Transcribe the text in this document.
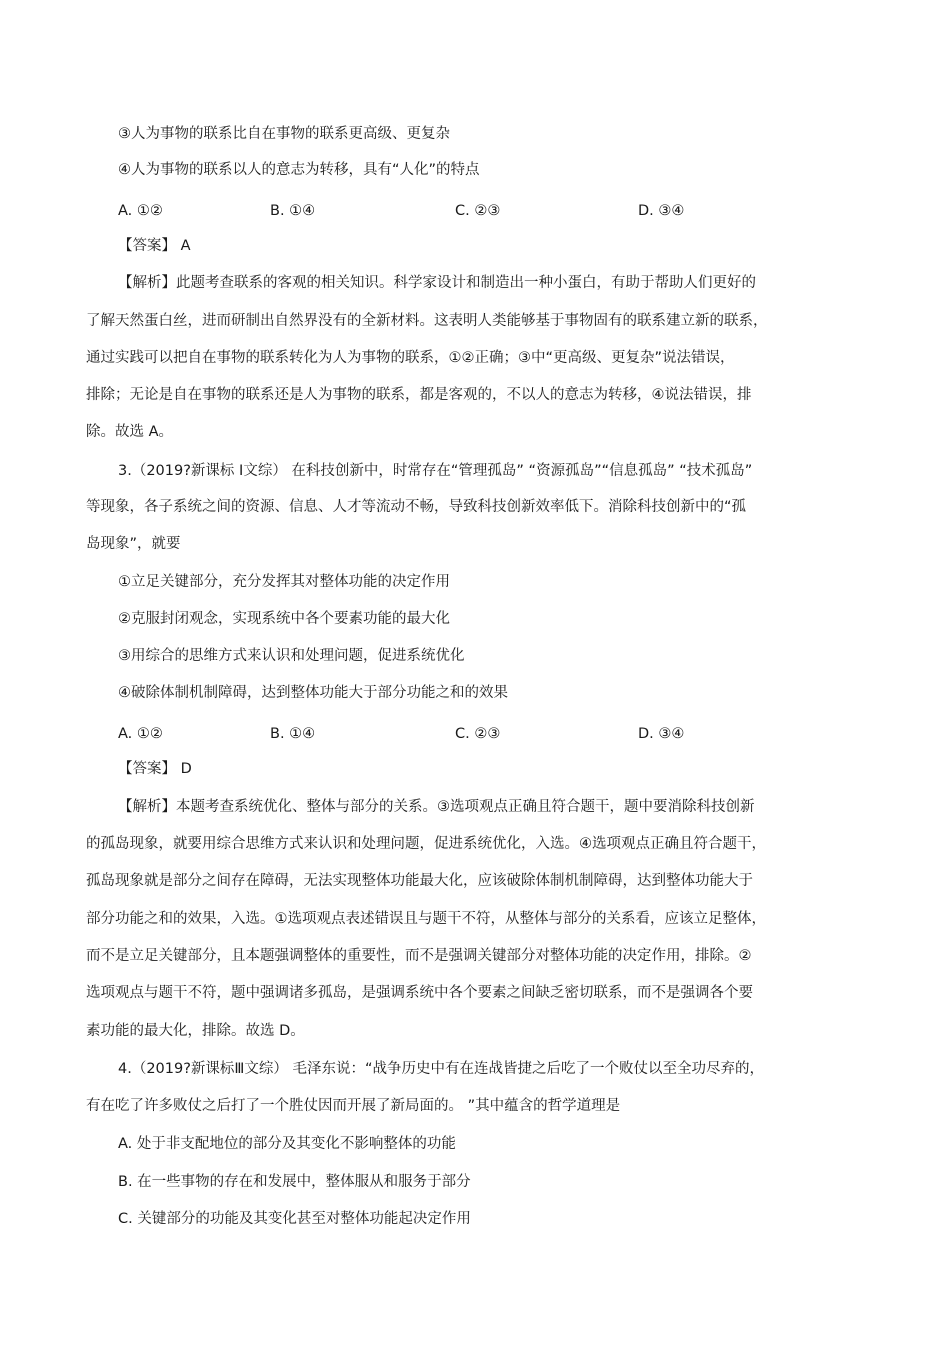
③人为事物的联系比自在事物的联系更高级、更复杂
④人为事物的联系以人的意志为转移，具有“人化”的特点
A. ①②	B. ①④	C. ②③	D. ③④
【答案】 A
【解析】此题考查联系的客观的相关知识。科学家设计和制造出一种小蛋白，有助于帮助人们更好的
了解天然蛋白丝，进而研制出自然界没有的全新材料。这表明人类能够基于事物固有的联系建立新的联系，
通过实践可以把自在事物的联系转化为人为事物的联系，①②正确；③中“更高级、更复杂”说法错误，
排除；无论是自在事物的联系还是人为事物的联系，都是客观的，不以人的意志为转移，④说法错误，排
除。故选 A。
3.（2019?新课标 Ⅰ文综） 在科技创新中，时常存在“管理孤岛” “资源孤岛”“信息孤岛” “技术孤岛”
等现象，各子系统之间的资源、信息、人才等流动不畅，导致科技创新效率低下。消除科技创新中的“孤
岛现象”，就要
①立足关键部分，充分发挥其对整体功能的决定作用
②克服封闭观念，实现系统中各个要素功能的最大化
③用综合的思维方式来认识和处理问题，促进系统优化
④破除体制机制障碍，达到整体功能大于部分功能之和的效果
A. ①②	B. ①④	C. ②③	D. ③④
【答案】 D
【解析】本题考查系统优化、整体与部分的关系。③选项观点正确且符合题干，题中要消除科技创新
的孤岛现象，就要用综合思维方式来认识和处理问题，促进系统优化，入选。④选项观点正确且符合题干，
孤岛现象就是部分之间存在障碍，无法实现整体功能最大化，应该破除体制机制障碍，达到整体功能大于
部分功能之和的效果，入选。①选项观点表述错误且与题干不符，从整体与部分的关系看，应该立足整体，
而不是立足关键部分，且本题强调整体的重要性，而不是强调关键部分对整体功能的决定作用，排除。②
选项观点与题干不符，题中强调诸多孤岛，是强调系统中各个要素之间缺乏密切联系，而不是强调各个要
素功能的最大化，排除。故选 D。
4.（2019?新课标Ⅲ文综） 毛泽东说：“战争历史中有在连战皆捷之后吃了一个败仗以至全功尽弃的，
有在吃了许多败仗之后打了一个胜仗因而开展了新局面的。 ”其中蕴含的哲学道理是
A. 处于非支配地位的部分及其变化不影响整体的功能
B. 在一些事物的存在和发展中，整体服从和服务于部分
C. 关键部分的功能及其变化甚至对整体功能起决定作用
